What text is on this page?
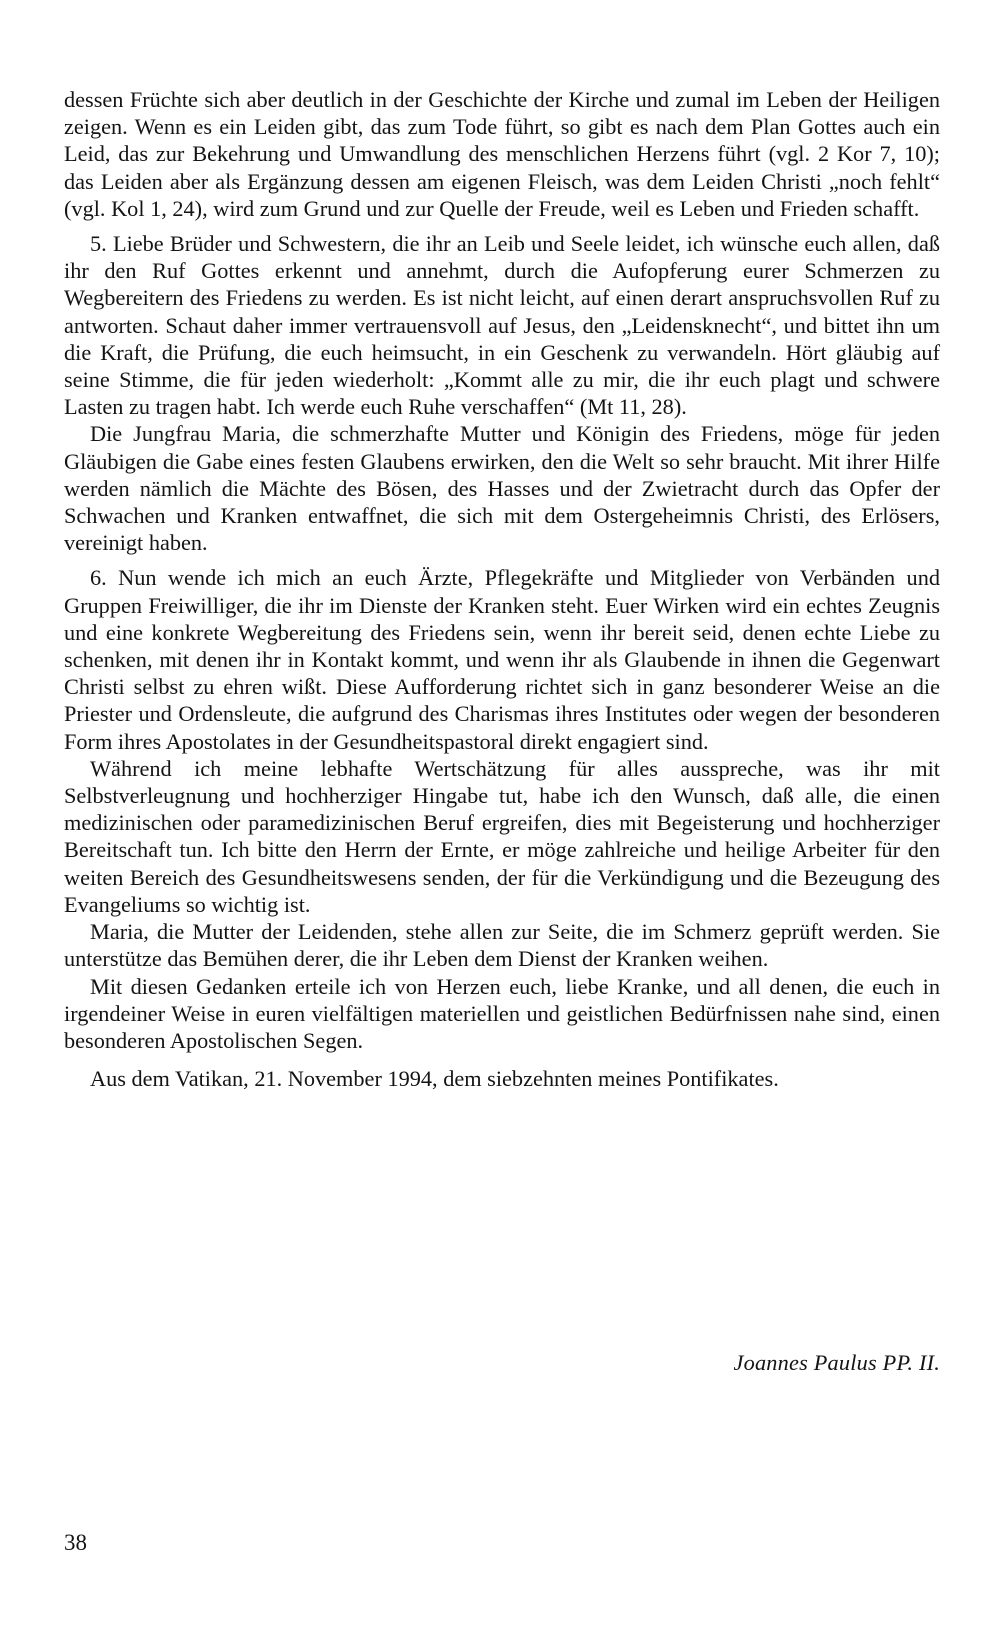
dessen Früchte sich aber deutlich in der Geschichte der Kirche und zumal im Leben der Heiligen zeigen. Wenn es ein Leiden gibt, das zum Tode führt, so gibt es nach dem Plan Gottes auch ein Leid, das zur Bekehrung und Umwandlung des menschlichen Herzens führt (vgl. 2 Kor 7, 10); das Leiden aber als Ergänzung dessen am eigenen Fleisch, was dem Leiden Christi „noch fehlt“ (vgl. Kol 1, 24), wird zum Grund und zur Quelle der Freude, weil es Leben und Frieden schafft.

5. Liebe Brüder und Schwestern, die ihr an Leib und Seele leidet, ich wünsche euch allen, daß ihr den Ruf Gottes erkennt und annehmt, durch die Aufopferung eurer Schmerzen zu Wegbereitern des Friedens zu werden. Es ist nicht leicht, auf einen derart anspruchsvollen Ruf zu antworten. Schaut daher immer vertrauensvoll auf Jesus, den „Leidensknecht“, und bittet ihn um die Kraft, die Prüfung, die euch heimsucht, in ein Geschenk zu verwandeln. Hört gläubig auf seine Stimme, die für jeden wiederholt: „Kommt alle zu mir, die ihr euch plagt und schwere Lasten zu tragen habt. Ich werde euch Ruhe verschaffen“ (Mt 11, 28).

Die Jungfrau Maria, die schmerzhafte Mutter und Königin des Friedens, möge für jeden Gläubigen die Gabe eines festen Glaubens erwirken, den die Welt so sehr braucht. Mit ihrer Hilfe werden nämlich die Mächte des Bösen, des Hasses und der Zwietracht durch das Opfer der Schwachen und Kranken entwaffnet, die sich mit dem Ostergeheimnis Christi, des Erlösers, vereinigt haben.

6. Nun wende ich mich an euch Ärzte, Pflegekräfte und Mitglieder von Verbänden und Gruppen Freiwilliger, die ihr im Dienste der Kranken steht. Euer Wirken wird ein echtes Zeugnis und eine konkrete Wegbereitung des Friedens sein, wenn ihr bereit seid, denen echte Liebe zu schenken, mit denen ihr in Kontakt kommt, und wenn ihr als Glaubende in ihnen die Gegenwart Christi selbst zu ehren wißt. Diese Aufforderung richtet sich in ganz besonderer Weise an die Priester und Ordensleute, die aufgrund des Charismas ihres Institutes oder wegen der besonderen Form ihres Apostolates in der Gesundheitspastoral direkt engagiert sind.

Während ich meine lebhafte Wertschätzung für alles ausspreche, was ihr mit Selbstverleugnung und hochherziger Hingabe tut, habe ich den Wunsch, daß alle, die einen medizinischen oder paramedizinischen Beruf ergreifen, dies mit Begeisterung und hochherziger Bereitschaft tun. Ich bitte den Herrn der Ernte, er möge zahlreiche und heilige Arbeiter für den weiten Bereich des Gesundheitswesens senden, der für die Verkündigung und die Bezeugung des Evangeliums so wichtig ist.

Maria, die Mutter der Leidenden, stehe allen zur Seite, die im Schmerz geprüft werden. Sie unterstütze das Bemühen derer, die ihr Leben dem Dienst der Kranken weihen.

Mit diesen Gedanken erteile ich von Herzen euch, liebe Kranke, und all denen, die euch in irgendeiner Weise in euren vielfältigen materiellen und geistlichen Bedürfnissen nahe sind, einen besonderen Apostolischen Segen.

Aus dem Vatikan, 21. November 1994, dem siebzehnten meines Pontifikates.

Joannes Paulus PP. II.
38
